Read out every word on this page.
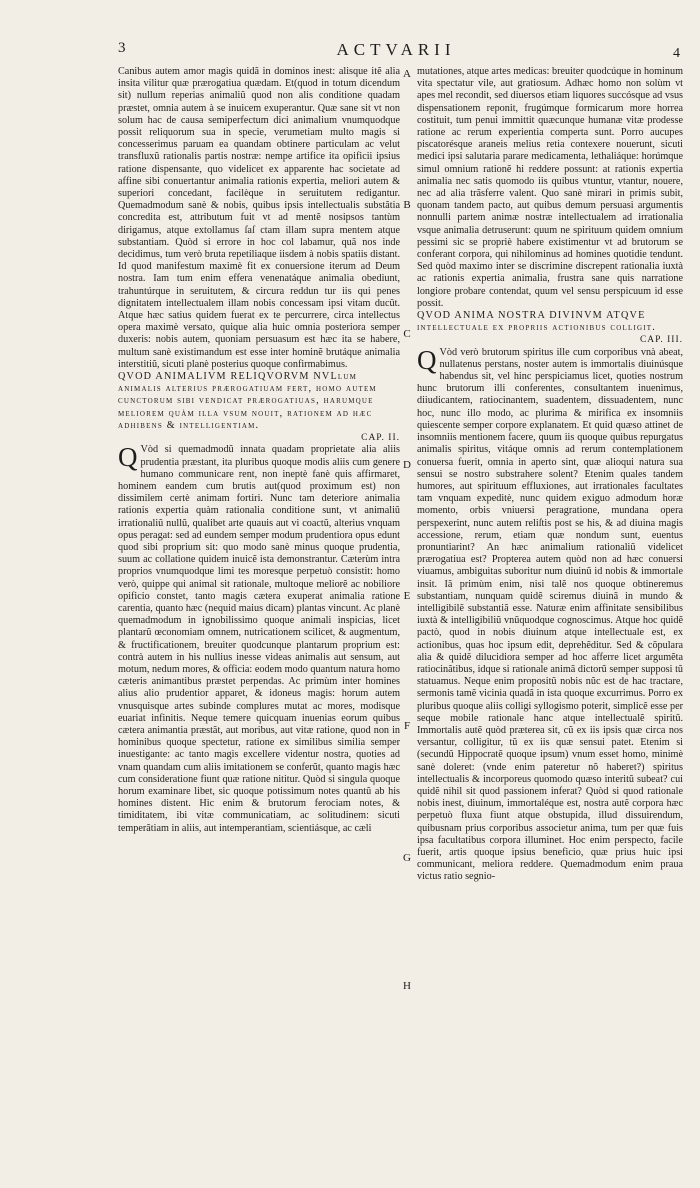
3	ACTVARII	4

Canibus autem amor magis quidã in dominos inest: alisque itẽ alia insita vilitur quæ prærogatiua quædam. Et(quod in totum dicendum sit) nullum reperias animaliũ quod non alis conditione quadam præstet, omnia autem à se inuicem exuperantur. Quæ sane sit vt non solum hac de causa semiperfectum dici animalium vnumquodque possit reliquorum sua in specie, verumetiam multo magis si concesserimus paruam ea quandam obtinere particulam ac velut transfluxũ rationalis partis nostræ: nempe artifice ita opificii ipsius ratione dispensante, quo videlicet ex apparente hac societate ad affine sibi conuertantur animalia rationis expertia, meliori autem & superiori concedant, facilèque in seruitutem redigantur. Quemadmodum sanè & nobis, quibus ipsis intellectualis substãtia concredita est, attributum fuit vt ad mentẽ nosipsos tantùm dirigamus, atque extollamus ſaſ ctam illam supra mentem atque substantiam. Quòd si errore in hoc col labamur, quã nos inde decidimus, tum verò bruta repetiliaque iisdem à nobis spatiis distant. Id quod manifestum maximè fit ex conuersione iterum ad Deum nostra. Iam tum enim effera venenatáque animalia obediunt, trahuntúrque in seruitutem, & circura reddun tur iis qui penes dignitatem intellectualem illam nobis concessam ipsi vitam ducũt. Atque hæc satius quidem fuerat ex te percurrere, circa intellectus opera maximè versato, quique alia huic omnia posteriora semper duxeris: nobis autem, quoniam persuasum est hæc ita se habere, multum sanè existimandum est esse inter hominẽ brutáque animalia interstitiũ, sicuti planè posterius quoque confirmabimus.

QVOD ANIMALIVM RELIQVORVM NVLlum animalis alterius prærogatiuam fert, homo autem cunctorum sibi vendicat prærogatiuas, harumque meliorem quàm illa vsum nouit, rationem ad hæc adhibens & intelligentiam.

CAP. II.

Q Vòd si quemadmodũ innata quadam proprietate alia aliis prudentia præstant, ita pluribus quoque modis aliis cum genere humano communicare rent, non ineptè fanè quis affirmaret, hominem eandem cum brutis aut(quod proximum est) non dissimilem certè animam fortiri. Nunc tam deteriore animalia rationis expertia quàm rationalia conditione sunt, vt animaliũ irrationaliũ nullũ, qualibet arte quauis aut vi coactũ, alterius vnquam opus peragat: sed ad eundem semper modum prudentiora opus edunt quod sibi proprium sit: quo modo sanè minus quoque prudentia, suum ac collatione quidem inuicẽ ista demonstrantur. Cæterùm intra proprios vnumquodque limi tes moresque perpetuò consistit: homo verò, quippe qui animal sit rationale, multoque meliorẽ ac nobiliore opificio constet, tanto magis cætera exuperat animalia ratione carentia, quanto hæc (nequid maius dicam) plantas vincunt. Ac planè quemadmodum in ignobilissimo quoque animali inspicias, licet plantarũ œconomiam omnem, nutricationem scilicet, & augmentum, & fructificationem, breuiter quodcunque plantarum proprium est: contrà autem in his nullius inesse videas animalis aut sensum, aut motum, nedum mores, & officia: eodem modo quantum natura homo cæteris animantibus præstet perpendas. Ac primùm inter homines alius alio prudentior apparet, & idoneus magis: horum autem vnusquisque artes subinde complures mutat ac mores, modisque euariat infinitis. Neque temere quicquam inuenias eorum quibus cætera animantia præstãt, aut moribus, aut vitæ ratione, quod non in hominibus quoque spectetur, ratione ex similibus similia semper inuestigante: ac tanto magis excellere videntur nostra, quoties ad vnam quandam cum aliis imitationem se conferũt, quanto magis hæc cum consideratione fiunt quæ ratione nititur. Quòd si singula quoque horum examinare libet, sic quoque potissimum notes quantũ ab his homines distent. Hic enim & brutorum ferociam notes, & timiditatem, ibi vitæ communicatiam, ac solitudinem: sicuti temperãtiam in aliis, aut intemperantiam, scientiásque, ac cæli

A
B
C
D
E
F
G
H

mutationes, atque artes medicas: breuiter quodcúque in hominum vita spectatur vile, aut gratiosum. Adhæc homo non solùm vt apes mel recondit, sed diuersos etiam liquores succósque ad vsus dispensationem reponit, frugúmque formicarum more horrea costituit, tum penui immittit quæcunque humanæ vitæ prodesse ratione ac rerum experientia comperta sunt. Porro aucupes piscatorésque araneis melius retia contexere nouerunt, sicuti medici ipsi salutaria parare medicamenta, lethaliáque: horúmque simul omnium rationẽ hi reddere possunt: at rationis expertia animalia nec satis quomodo iis quibus vtuntur, vtantur, nouere, nec ad alia trãsferre valent. Quo sanè mirari in primis subit, quonam tandem pacto, aut quibus demum persuasi argumentis nonnulli partem animæ nostræ intellectualem ad irrationalia vsque animalia detruserunt: quum ne spirituum quidem omnium pessimi sic se propriè habere existimentur vt ad brutorum se conferant corpora, qui nihilominus ad homines quotidie tendunt. Sed quòd maximo inter se discrimine discrepent rationalia iuxtà ac rationis expertia animalia, frustra sane quis narratione longiore probare contendat, quum vel sensu perspicuum id esse possit.

QVOD ANIMA NOSTRA DIVINVM ATQVE intellectuale ex propriis actionibus colligit.

CAP. III.

Q Vòd verò brutorum spiritus ille cum corporibus vnà abeat, nullatenus perstans, noster autem is immortalis diuinúsque habendus sit, vel hinc perspiciamus licet, quoties nostrum hunc brutorum illi conferentes, consultantem inuenimus, diiudicantem, ratiocinantem, suadentem, dissuadentem, nunc hoc, nunc illo modo, ac plurima & mirifica ex insomniis quiescente semper corpore explanatem. Et quid quæso attinet de insomniis mentionem facere, quum iis quoque quibus repurgatus animalis spiritus, vitáque omnis ad rerum contemplationem conuersa fuerit, omnia in aperto sint, quæ alioqui natura sua sensui se nostro substrahere solent? Etenim quales tandem humores, aut spirituum effluxiones, aut irrationales facultates tam vnquam expeditè, nunc quidem exiguo admodum horæ momento, orbis vniuersi peragratione, mundana opera perspexerint, nunc autem reliſtis post se his, & ad diuina magis accessione, rerum, etiam quæ nondum sunt, euentus pronuntiarint? An hæc animalium rationaliũ videlicet prærogatiua est? Propterea autem quòd non ad hæc conuersi viuamus, ambiguitas suboritur num diuinũ id nobis & immortale insit. Iã primùm enim, nisi talẽ nos quoque obtineremus substantiam, nunquam quidẽ sciremus diuinã in mundo & intelligibilẽ substantiã esse. Naturæ enim affinitate sensibilibus iuxtà & intelligibiliũ vnũquodque cognoscimus. Atque hoc quidẽ pactò, quod in nobis diuinum atque intellectuale est, ex actionibus, quas hoc ipsum edit, deprehẽditur. Sed & cõpulara alia & quidẽ dilucidiora semper ad hoc afferre licet argumẽta ratiocinãtibus, idque si rationale animã dictorũ semper supposi tũ statuamus. Neque enim propositũ nobis nũc est de hac tractare, sermonis tamẽ vicinia quadã in ista quoque excurrimus. Porro ex pluribus quoque aliis colligi syllogismo poterit, simplicẽ esse per seque mobile rationale hanc atque intellectualẽ spiritũ. Immortalis autẽ quòd præterea sit, cũ ex iis ipsis quæ circa nos versantur, colligitur, tũ ex iis quæ sensui patet. Etenim si (secundũ Hippocratẽ quoque ipsum) vnum esset homo, minimè sanè doleret: (vnde enim pateretur nõ haberet?) spiritus intellectualis & incorporeus quomodo quæso interitũ subeat? cui quidẽ nihil sit quod passionem inferat? Quòd si quod rationale nobis inest, diuinum, immortaléque est, nostra autẽ corpora hæc perpetuò fluxa fiunt atque obstupida, illud dissuirendum, quibusnam prius corporibus associetur anima, tum per quæ fuis ipsa facultatibus corpora illuminet. Hoc enim perspecto, facile fuerit, artis quoque ipsius beneficio, quæ prius huic ipsi communicant, meliora reddere. Quemadmodum enim praua victus ratio segnio-
